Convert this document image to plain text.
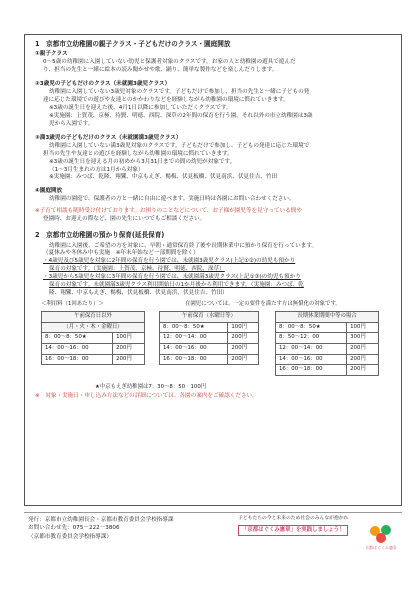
1　京都市立幼稚園の親子クラス・子どもだけのクラス・園庭開放
①親子クラス
0～5歳の幼稚園に入園していない幼児と保護者対象のクラスです。お家の人と幼稚園の遊具で遊んだ
り、担当の先生と一緒に絵本の読み聞かせや歌、踊り、簡単な製作などを楽しんだりします。
②3歳児の子どもだけのクラス（未就園3歳児クラス）
幼稚園に入園していない3歳児対象のクラスです。子どもだけで参加し、担当の先生と一緒に子どもの発
達に応じた環境での遊びや友達とのかかわりなどを経験しながら幼稚園の環境に慣れていきます。
※3歳の誕生日を迎えた後、4月1日以降に参加していただくクラスです。
※実施園：上賀茂、京極、待賢、明徳、西院、深草の2年間の保育を行う園。それ以外の市立幼稚園は3歳
児から入園です。
③満3歳児の子どもだけのクラス（未就園満3歳児クラス）
幼稚園に入園していない満3歳児対象のクラスです。子どもだけで参加し、子どもの発達に応じた環境で
担当の先生や友達との遊びを経験しながら幼稚園の環境に慣れていきます。
※3歳の誕生日を迎える月の初めから3月31日までの間の幼児が対象です。
（1～3月生まれの方は1月から対象）
※実施園：みつば、乾隆、翔鸞、中京もえぎ、楊梅、伏見板橋、伏見南浜、伏見住吉、竹田
④園庭開放
幼稚園の園庭で、保護者の方と一緒に自由に遊べます。実施日時は各園にお問い合わせください。
※子育て相談も随時受け付けております。お困りのことなどについて、お子様が園児等を見守っている間や
登園時、お迎えの際など、園の先生にいつでもご相談ください。
2　京都市立幼稚園の預かり保育(延長保育)
幼稚園に入園後、ご希望の方を対象に、早朝・通常保育終了後や長期休業中に預かり保育を行っています。
（夏休みや冬休み中も実施　※年末年始など一部期間を除く）
・4歳児及び5歳児を対象に2年間の保育を行う園では、未就園3歳児クラス(上記①②)の幼児も預かり
保育の対象です。（実施園：上賀茂、京極、待賢、明徳、西院、深草）
・3歳児から5歳児を対象に3年間の保育を行う園では、未就園満3歳児クラス(上記①③)の幼児も預かり
保育の対象です。未就園満3歳児クラス利用開始日の1か月後から利用できます。（実施園：みつば、乾
隆、翔鸞、中京もえぎ、楊梅、伏見板橋、伏見南浜、伏見住吉、竹田）
＜利用料（1回あたり）＞	在園児については、一定の要件を満たす方は無償化の対象です。
午前保育日以外	
（月・火・木・金曜日）	
8：00～8：50★	100円
14：00～16：00	200円
16：00～18：00	200円
午前保育（水曜日等）	
8：00～8：50★	100円
12：00～14：00	200円
14：00～16：00	200円
16：00～18：00	200円
長期休業期間中等の場合	
8：00～8：50★	100円
8：50～12：00	300円
12：00～14：00	200円
14：00～16：00	200円
16：00～18：00	200円
★中京もえぎ幼稚園は7：30～8：50　100円
※　対象・実施日・申し込み方法などの詳細については、各園の案内をご確認ください。
発行：京都市立幼稚園長会・京都市教育委員会学校指導課
お問い合わせ先：075－222－3806
（京都市教育委員会学校指導課）
子どもたちの今と未来のため社会のみんなが抱かれ
「京都はぐくみ憲章」を実践しましょう！
京都はぐくみ憲章
